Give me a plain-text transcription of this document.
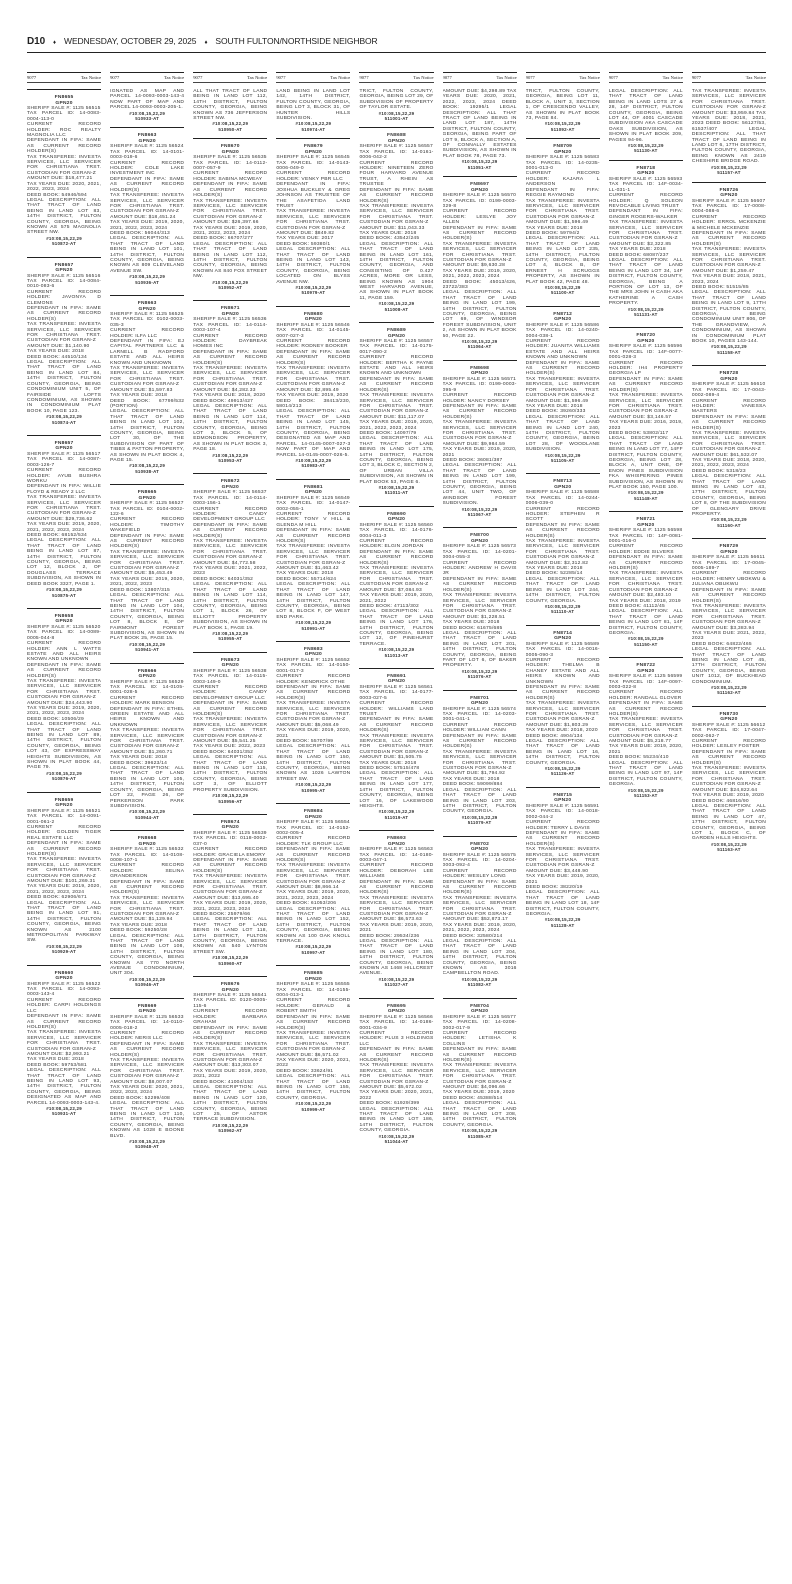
D10 ♦ WEDNESDAY, OCTOBER 29, 2025 ♦ SOUTH FULTON/NORTHSIDE NEIGHBOR
9077	Tax Notice
FN8655
GPN20

SHERIFF SALE #: 1125 56515

TAX PARCEL ID: 14-0083-0004-113-0

CURRENT RECORD HOLDER: ROC REALTY MAGNOLIA LLC

DEFENDANT IN FIFA: SAME AS CURRENT RECORD HOLDER(S)

TAX TRANSFEREE: INVESTA SERVICES, LLC SERVICER FOR CHRISTIANA TRST. CUSTODIAN FOR GSRAN-Z

AMOUNT DUE: $18,477.21

TAX YEARS DUE: 2020, 2021, 2022, 2023, 2024

DEED BOOK: 54946/594

LEGAL DESCRIPTION: ALL THAT TRACT OF LAND BEING IN LAND LOT 83, 14TH DISTRICT, FULTON COUNTY, GEORGIA, BEING KNOWN AS 575 MAGNOLIA STREET NW.

#10:08,15,22,29
510872-AT
FN8657
GPN20

SHERIFF SALE #: 1125 56516

TAX PARCEL ID: 14-0084-0010-083-6

CURRENT RECORD HOLDER: JAVONYA D CLEMONS

DEFENDANT IN FIFA: SAME AS CURRENT RECORD HOLDER(S)

TAX TRANSFEREE: INVESTA SERVICES, LLC SERVICER FOR CHRISTIANA TRST. CUSTODIAN FOR GSRAN-Z

AMOUNT DUE: $1,140.90

TAX YEARS DUE: 2018

DEED BOOK: 44510/134

LEGAL DESCRIPTION: ALL THAT TRACT OF LAND BEING IN LAND LOT 84, 14TH DISTRICT, FULTON COUNTY, GEORGIA, BEING CONDOMINIUM UNIT 5, OF FAIRSIDE LOFTS CONDOMINIUM, AS SHOWN IN CONDOMINIUM PLAT BOOK 10, PAGE 123.

#10:08,15,22,29
510874-AT
FN8657
GPN20

SHERIFF SALE #: 1125 56517

TAX PARCEL ID: 14-0087-0003-126-7

CURRENT RECORD HOLDER: AYUB BUSHRA WORKU

DEFENDANT IN FIFA: WILLIE FLOYD & READY 2 LLC

TAX TRANSFEREE: INVESTA SERVICES, LLC SERVICER FOR CHRISTIANA TRST. CUSTODIAN FOR GSRAN-Z

AMOUNT DUE: $29,736.62

TAX YEARS DUE: 2019, 2020, 2021, 2022, 2023, 2024

DEED BOOK: 68152/534

LEGAL DESCRIPTION: ALL THAT TRACT OF LAND BEING IN LAND LOT 87, 14TH DISTRICT, FULTON COUNTY, GEORGIA, BEING LOT 12, BLOCK 2, OF DOUGLASS TERRACE SUBDIVISION, AS SHOWN IN DEED BOOK 3327, PAGE 1.

#10:08,15,22,29
510875-AT
FN8658
GPN20

SHERIFF SALE #: 1125 56520

TAX PARCEL ID: 14-0089-0005-044-8

CURRENT RECORD HOLDER: ANN L WATTS ESTATE AND ALL HEIRS KNOWN AND UNKNOWN

DEFENDANT IN FIFA: SAME AS CURRENT RECORD HOLDER(S)

TAX TRANSFEREE: INVESTA SERVICES, LLC SERVICER FOR CHRISTIANA TRST. CUSTODIAN FOR GSRAN-Z

AMOUNT DUE: $24,443.90

TAX YEARS DUE: 2019, 2020, 2021, 2022, 2023, 2024

DEED BOOK: 10506/29

LEGAL DESCRIPTION: ALL THAT TRACT OF LAND BEING IN LAND LOT 89, 14TH DISTRICT, FULTON COUNTY, GEORGIA, BEING LOT 43, OF EXPRESSWAY HEIGHTS SUBDIVISION, AS SHOWN IN PLAT BOOK 44, PAGE 79.

#10:08,15,22,29
510876-AT
FN8659
GPN20

SHERIFF SALE #: 1125 56521

TAX PARCEL ID: 14-0091-0001-061-2

CURRENT RECORD HOLDER: GOLDEN TIGER REAL ESTATE LLC

DEFENDANT IN FIFA: SAME AS CURRENT RECORD HOLDER(S)

TAX TRANSFEREE: INVESTA SERVICES, LLC SERVICER FOR CHRISTIANA TRST. CUSTODIAN FOR GSRAN-Z

AMOUNT DUE: $101,269.31

TAX YEARS DUE: 2019, 2020, 2021, 2022, 2023, 2024

DEED BOOK: 62906/671

LEGAL DESCRIPTION: ALL THAT TRACT OF LAND BEING IN LAND LOT 91, 14TH DISTRICT, FULTON COUNTY, GEORGIA, BEING KNOWN AS 2100 METROPOLITAN PARKWAY SW.

#10:08,15,22,29
510929-AT
FN8660
GPN20

SHERIFF SALE #: 1125 56522

TAX PARCEL ID: 14-0093-0003-143-4

CURRENT RECORD HOLDER: CARPI HOLDINGS LLC

DEFENDANT IN FIFA: SAME AS CURRENT RECORD HOLDER(S)

TAX TRANSFEREE: INVESTA SERVICES, LLC SERVICER FOR CHRISTIANA TRST. CUSTODIAN FOR GSRAN-Z

AMOUNT DUE: $2,993.21

TAX YEARS DUE: 2018

DEED BOOK: 59753/581

LEGAL DESCRIPTION: ALL THAT TRACT OF LAND BEING IN LAND LOT 93, 14TH DISTRICT, FULTON COUNTY, GEORGIA, BEING DESIGNATED AS MAP AND PARCEL 14-0093-0003-143-4.

#10:08,15,22,29
510931-AT
9077	Tax Notice

IGNATED AS MAP AND PARCEL 14-0093-0003-143-4 NOW PART OF MAP AND PARCEL 14-0093-0003-205-1.

#10:08,15,22,29
510933-AT
FN8663
GPN20

SHERIFF SALE #: 1125 56524

TAX PARCEL ID: 14-0101-0003-019-6

CURRENT RECORD HOLDER: COLE LAKE INVESTMENT INC

DEFENDANT IN FIFA: SAME AS CURRENT RECORD HOLDER(S)

TAX TRANSFEREE: INVESTA SERVICES, LLC SERVICER FOR CHRISTIANA TRST. CUSTODIAN FOR GSRAN-Z

AMOUNT DUE: $18,451.24

TAX YEARS DUE: 2019, 2020, 2021, 2022, 2023, 2024

DEED BOOK: 56044/313

LEGAL DESCRIPTION: ALL THAT TRACT OF LAND BEING IN LAND LOT 101, 14TH DISTRICT, FULTON COUNTY, GEORGIA, BEING KNOWN AS 809 CLEVELAND AVENUE SW.

#10:08,15,22,29
510936-AT
FN8663
GPN20

SHERIFF SALE #: 1125 56525

TAX PARCEL ID: 0102-0003-035-3

CURRENT RECORD HOLDER: ILFA LLC

DEFENDANT IN FIFA: EJ CAPITAL PARTNERS LLC & LARNELL B RADFORD ESTATE AND ALL HEIRS KNOWN AND UNKNOWN

TAX TRANSFEREE: INVESTA SERVICES, LLC SERVICER FOR CHRISTIANA TRST. CUSTODIAN FOR GSRAN-Z

AMOUNT DUE: $1,597.83

TAX YEARS DUE: 2018

DEED BOOK: 67799/532 (PORTION)

LEGAL DESCRIPTION: ALL THAT TRACT OF LAND BEING IN LAND LOT 102, 14TH DISTRICT, FULTON COUNTY, GEORGIA, BEING LOT 30, OF THE SUBDIVISION OF PART OF TIBBS & PATTON PROPERTY, AS SHOWN IN PLAT BOOK 4, PAGE 15.

#10:08,15,22,29
510938-AT
FN8665
GPN20

SHERIFF SALE #: 1125 56527

TAX PARCEL ID: 0104-0002-122-6

CURRENT RECORD HOLDER: TIMOTHY WAKEFIELD

DEFENDANT IN FIFA: SAME AS CURRENT RECORD HOLDER(S)

TAX TRANSFEREE: INVESTA SERVICES, LLC SERVICER FOR CHRISTIANA TRST. CUSTODIAN FOR GSRAN-Z

AMOUNT DUE: $5,453.49

TAX YEARS DUE: 2019, 2020, 2021, 2022, 2023

DEED BOOK: 13807/315

LEGAL DESCRIPTION: ALL THAT TRACT OF LAND BEING IN LAND LOT 104, 14TH DISTRICT, FULTON COUNTY, GEORGIA, BEING LOT 8, BLOCK E, OF FAIRMONT FOREST SUBDIVISION, AS SHOWN IN PLAT BOOK 25, PAGE 15.

#10:08,15,22,29
510941-AT
FN8666
GPN20

SHERIFF SALE #: 1125 56529

TAX PARCEL ID: 14-0105-0001-028-5

CURRENT RECORD HOLDER: MARK BENSON

DEFENDANT IN FIFA: ETHEL GREEN ESTATE AND ALL HEIRS KNOWN AND UNKNOWN

TAX TRANSFEREE: INVESTA SERVICES, LLC SERVICER FOR CHRISTIANA TRST. CUSTODIAN FOR GSRAN-Z

AMOUNT DUE: $1,260.71

TAX YEARS DUE: 2018

DEED BOOK: 39623/14

LEGAL DESCRIPTION: ALL THAT TRACT OF LAND BEING IN LAND LOT 105, 14TH DISTRICT, FULTON COUNTY, GEORGIA, BEING LOT 22, PAGE 26, OF PERKERSON PARK SUBDIVISION.

#10:08,15,22,29
510944-AT
FN8668
GPN20

SHERIFF SALE #: 1125 56532

TAX PARCEL ID: 14-0108-0008-107-1

CURRENT RECORD HOLDER: SELINA GRANDERSON

DEFENDANT IN FIFA: SAME AS CURRENT RECORD HOLDER(S)

TAX TRANSFEREE: INVESTA SERVICES, LLC SERVICER FOR CHRISTIANA TRST. CUSTODIAN FOR GSRAN-Z

AMOUNT DUE: $1,129.94

TAX YEARS DUE: 2018

DEED BOOK: 59250/28

LEGAL DESCRIPTION: ALL THAT TRACT OF LAND BEING IN LAND LOT 108, 14TH DISTRICT, FULTON COUNTY, GEORGIA, BEING KNOWN AS 770 NORTH AVENUE CONDOMINIUM, UNIT 304.

#10:08,15,22,29
510946-AT
FN8669
GPN20

SHERIFF SALE #: 1125 56533

TAX PARCEL ID: 14-0110-0005-018-2

CURRENT RECORD HOLDER: NERIS LLC

DEFENDANT IN FIFA: SAME AS CURRENT RECORD HOLDER(S)

TAX TRANSFEREE: INVESTA SERVICES, LLC SERVICER FOR CHRISTIANA TRST. CUSTODIAN FOR GSRAN-Z

AMOUNT DUE: $8,007.07

TAX YEARS DUE: 2020, 2021, 2022, 2023, 2024

DEED BOOK: 52299/408

LEGAL DESCRIPTION: ALL THAT TRACT OF LAND BEING IN LAND LOT 110, 14TH DISTRICT, FULTON COUNTY, GEORGIA, BEING KNOWN AS 1028 E BOONE BLVD.

#10:08,15,22,29
510948-AT
9077	Tax Notice

ALL THAT TRACT OF LAND BEING IN LAND LOT 112, 14TH DISTRICT, FULTON COUNTY, GEORGIA, BEING KNOWN AS 736 JEFFERSON STREET NW.

#10:08,15,22,29
510950-AT
FN8670
GPN20

SHERIFF SALE #: 1125 56535

TAX PARCEL ID: 14-0112-0007-057-9

CURRENT RECORD HOLDER: SABINA MCWEAY

DEFENDANT IN FIFA: SAME AS CURRENT RECORD HOLDER(S)

TAX TRANSFEREE: INVESTA SERVICES, LLC SERVICER FOR CHRISTIANA TRST. CUSTODIAN FOR GSRAN-Z

AMOUNT DUE: $26,397.66

TAX YEARS DUE: 2019, 2020, 2021, 2022, 2023, 2024

DEED BOOK: 66707/277

LEGAL DESCRIPTION: ALL THAT TRACT OF LAND BEING IN LAND LOT 112, 14TH DISTRICT, FULTON COUNTY, GEORGIA, BEING KNOWN AS 840 FOX STREET NW.

#10:08,15,22,29
510952-AT
FN8671
GPN20

SHERIFF SALE #: 1125 56536

TAX PARCEL ID: 14-0114-0003-107-4

CURRENT RECORD HOLDER: DAYBREAK HOMES INC

DEFENDANT IN FIFA: SAME AS CURRENT RECORD HOLDER(S)

TAX TRANSFEREE: INVESTA SERVICES, LLC SERVICER FOR CHRISTIANA TRST. CUSTODIAN FOR GSRAN-Z

AMOUNT DUE: $4,282.33

TAX YEARS DUE: 2018, 2020

DEED BOOK: 49913/427

LEGAL DESCRIPTION: ALL THAT TRACT OF LAND BEING IN LAND LOT 114, 14TH DISTRICT, FULTON COUNTY, GEORGIA, BEING LOT 3, BLOCK 5, OF EDMONDSON PROPERTY, AS SHOWN IN PLAT BOOK 3, PAGE 18.

#10:08,15,22,29
510953-AT
FN8672
GPN20

SHERIFF SALE #: 1125 56537

TAX PARCEL ID: 14-0114-0003-156-1

CURRENT RECORD HOLDER: CANDY DEVELOPMENT GROUP LLC

DEFENDANT IN FIFA: SAME AS CURRENT RECORD HOLDER(S)

TAX TRANSFEREE: INVESTA SERVICES, LLC SERVICER FOR CHRISTIANA TRST. CUSTODIAN FOR GSRAN-Z

AMOUNT DUE: $4,772.58

TAX YEARS DUE: 2021, 2022, 2023

DEED BOOK: 64031/352

LEGAL DESCRIPTION: ALL THAT TRACT OF LAND BEING IN LAND LOT 114, 14TH DISTRICT, FULTON COUNTY, GEORGIA, BEING LOT 1, BLOCK 26, OF ELLIOTT PROPERTY SUBDIVISION, AS SHOWN IN PLAT BOOK 1, PAGE 19.

#10:08,15,22,29
510955-AT
FN8673
GPN20

SHERIFF SALE #: 1125 56538

TAX PARCEL ID: 14-0115-0003-149-0

CURRENT RECORD HOLDER: CANDY DEVELOPMENT GROUP LLC

DEFENDANT IN FIFA: SAME AS CURRENT RECORD HOLDER(S)

TAX TRANSFEREE: INVESTA SERVICES, LLC SERVICER FOR CHRISTIANA TRST. CUSTODIAN FOR GSRAN-Z

AMOUNT DUE: $5,541.25

TAX YEARS DUE: 2022, 2023

DEED BOOK: 64031/352

LEGAL DESCRIPTION: ALL THAT TRACT OF LAND BEING IN LAND LOT 115, 14TH DISTRICT, FULTON COUNTY, GEORGIA, BEING LOT 3, OF ELLIOTT PROPERTY SUBDIVISION.

#10:08,15,22,29
510956-AT
FN8674
GPN20

SHERIFF SALE #: 1125 56539

TAX PARCEL ID: 0118-0002-037-0

CURRENT RECORD HOLDER: GRACIELA EMORY

DEFENDANT IN FIFA: SAME AS CURRENT RECORD HOLDER(S)

TAX TRANSFEREE: INVESTA SERVICES, LLC SERVICER FOR CHRISTIANA TRST. CUSTODIAN FOR GSRAN-Z

AMOUNT DUE: $13,695.40

TAX YEARS DUE: 2019, 2020, 2021, 2022, 2023, 2024

DEED BOOK: 25979/66

LEGAL DESCRIPTION: ALL THAT TRACT OF LAND BEING IN LAND LOT 118, 14TH DISTRICT, FULTON COUNTY, GEORGIA, BEING KNOWN AS 540 LYNTON STREET SW.

#10:08,15,22,29
510960-AT
FN8676
GPN20

SHERIFF SALE #: 1125 56541

TAX PARCEL ID: 0120-0005-115-6

CURRENT RECORD HOLDER: BARBARA GRAHAM

DEFENDANT IN FIFA: SAME AS CURRENT RECORD HOLDER(S)

TAX TRANSFEREE: INVESTA SERVICES, LLC SERVICER FOR CHRISTIANA TRST. CUSTODIAN FOR GSRAN-Z

AMOUNT DUE: $13,303.07

TAX YEARS DUE: 2019, 2020, 2021, 2022

DEED BOOK: 41004/153

LEGAL DESCRIPTION: ALL THAT TRACT OF LAND BEING IN LAND LOT 120, 14TH DISTRICT, FULTON COUNTY, GEORGIA, BEING LOT 25, OF ASTOR TERRACE SUBDIVISION.

#10:08,15,22,29
510962-AT
9077	Tax Notice

LAND BEING IN LAND LOT 142, 14TH DISTRICT, FULTON COUNTY, GEORGIA, BEING LOT 3, BLOCK 31, OF HUNTER HILLS SUBDIVISION.

#10:08,15,22,29
510974-AT
FN8679
GPN20

SHERIFF SALE #: 1125 56545

TAX PARCEL ID: 14-0143-0006-049-0

CURRENT RECORD HOLDER: VENKY PBR LLC

DEFENDANT IN FIFA: JOSHUA BUCKLEY & GREG JOHNSON AS TRUSTEE OF THE ASAFETIDA LAND TRUST

TAX TRANSFEREE: INVESTA SERVICES, LLC SERVICER FOR CHRISTIANA TRST. CUSTODIAN FOR GSRAN-Z

AMOUNT DUE: $849.82

TAX YEARS DUE: 2017

DEED BOOK: 59380/1

LEGAL DESCRIPTION: ALL THAT TRACT OF LAND BEING IN LAND LOT 143, 14TH DISTRICT, FULTON COUNTY, GEORGIA, BEING LOCATED ON BLYSS AVENUE NW.

#10:08,15,22,29
510979-AT
FN8680
GPN20

SHERIFF SALE #: 1125 56546

TAX PARCEL ID: 14-0145-0007-027-3

CURRENT RECORD HOLDER: RODNEY BOOKER

DEFENDANT IN FIFA: SAME AS CURRENT RECORD HOLDER(S)

TAX TRANSFEREE: INVESTA SERVICES, LLC SERVICER FOR CHRISTIANA TRST. CUSTODIAN FOR GSRAN-Z

AMOUNT DUE: $2,895.49

TAX YEARS DUE: 2019, 2020

DEED BOOK: 38413/230, 58014/213

LEGAL DESCRIPTION: ALL THAT TRACT OF LAND BEING IN LAND LOT 145, 14TH DISTRICT, FULTON COUNTY, GEORGIA, BEING DESIGNATED AS MAP AND PARCEL 14-0145-0007-027-3 NOW PART OF MAP AND PARCEL 14-0145-0007-026-5.

#10:08,15,22,29
510983-AT
FN8681
GPN20

SHERIFF SALE #: 1125 56549

TAX PARCEL ID: 14-0147-0002-055-1

CURRENT RECORD HOLDER: TONY V HILL & GLENDA M HILL

DEFENDANT IN FIFA: SAME AS CURRENT RECORD HOLDER(S)

TAX TRANSFEREE: INVESTA SERVICES, LLC SERVICER FOR CHRISTIANA TRST. CUSTODIAN FOR GSRAN-Z

AMOUNT DUE: $1,463.42

TAX YEARS DUE: 2018

DEED BOOK: 55714/624

LEGAL DESCRIPTION: ALL THAT TRACT OF LAND BEING IN LAND LOT 147, 14TH DISTRICT, FULTON COUNTY, GEORGIA, BEING LOT 8, BLOCK F, OF WEST END PARK.

#10:08,15,22,29
510991-AT
FN8683
GPN20

SHERIFF SALE #: 1125 56552

TAX PARCEL ID: 14-0150-0001-017-3

CURRENT RECORD HOLDER: KENDRICK OTHE

DEFENDANT IN FIFA: SAME AS CURRENT RECORD HOLDER(S)

TAX TRANSFEREE: INVESTA SERVICES, LLC SERVICER FOR CHRISTIANA TRST. CUSTODIAN FOR GSRAN-Z

AMOUNT DUE: $5,068.49

TAX YEARS DUE: 2019, 2020, 2021

DEED BOOK: 55707/99

LEGAL DESCRIPTION: ALL THAT TRACT OF LAND BEING IN LAND LOT 150, 14TH DISTRICT, FULTON COUNTY, GEORGIA, BEING KNOWN AS 1026 LAWTON STREET SW.

#10:08,15,22,29
510995-AT
FN8684
GPN20

SHERIFF SALE #: 1125 56554

TAX PARCEL ID: 14-0152-0002-005-4

CURRENT RECORD HOLDER: TLK GROUP LLC

DEFENDANT IN FIFA: SAME AS CURRENT RECORD HOLDER(S)

TAX TRANSFEREE: INVESTA SERVICES, LLC SERVICER FOR CHRISTIANA TRST. CUSTODIAN FOR GSRAN-Z

AMOUNT DUE: $8,866.14

TAX YEARS DUE: 2019, 2020, 2021, 2022, 2023, 2024

DEED BOOK: 61053/206

LEGAL DESCRIPTION: ALL THAT TRACT OF LAND BEING IN LAND LOT 152, 14TH DISTRICT, FULTON COUNTY, GEORGIA, BEING KNOWN AS 100 OAK KNOLL TERRACE.

#10:08,15,22,29
510997-AT
FN8685
GPN20

SHERIFF SALE #: 1125 56555

TAX PARCEL ID: 14-0155-0004-013-1

CURRENT RECORD HOLDER: GERALD & ROBERT SMITH

DEFENDANT IN FIFA: SAME AS CURRENT RECORD HOLDER(S)

TAX TRANSFEREE: INVESTA SERVICES, LLC SERVICER FOR CHRISTIANA TRST. CUSTODIAN FOR GSRAN-Z

AMOUNT DUE: $6,571.02

TAX YEARS DUE: 2020, 2021, 2022

DEED BOOK: 33624/91

LEGAL DESCRIPTION: ALL THAT TRACT OF LAND BEING IN LAND LOT 155, 14TH DISTRICT, FULTON COUNTY, GEORGIA.

#10:08,15,22,29
510999-AT
9077	Tax Notice

TRICT, FULTON COUNTY, GEORGIA, BEING LOT 29, OF SUBDIVISION OF PROPERTY OF TAYLOR ESTATE.

#10:08,15,22,29
511001-AT
FN8688
GPN20

SHERIFF SALE #: 1125 56557

TAX PARCEL ID: 14-0161-0006-042-2

CURRENT RECORD HOLDER: NINETEEN ZERO FOUR HARVARD AVENUE TRUST, A RHEIN AS TRUSTEE

DEFENDANT IN FIFA: SAME AS CURRENT RECORD HOLDER(S)

TAX TRANSFEREE: INVESTA SERVICES, LLC SERVICER FOR CHRISTIANA TRST. CUSTODIAN FOR GSRAN-Z

AMOUNT DUE: $11,043.33

TAX YEARS DUE: 2018

DEED BOOK: 43542/245

LEGAL DESCRIPTION: ALL THAT TRACT OF LAND BEING IN LAND LOT 161, 14TH DISTRICT, FULTON COUNTY, GEORGIA, AND CONSISTING OF 0.427 ACRES, MORE OR LESS, BEING KNOWN AS 1904 WEST HARVARD AVENUE, AS SHOWN IN PLAT BOOK 11, PAGE 159.

#10:08,15,22,29
511008-AT
FN8689
GPN20

SHERIFF SALE #: 1125 56557

TAX PARCEL ID: 14-0175-0017-090-2

CURRENT RECORD HOLDER: BERTHA K PAYNE ESTATE AND ALL HEIRS KNOWN AND UNKNOWN

DEFENDANT IN FIFA: SAME AS CURRENT RECORD HOLDER(S)

TAX TRANSFEREE: INVESTA SERVICES, LLC SERVICER FOR CHRISTIANA TRST. CUSTODIAN FOR GSRAN-Z

AMOUNT DUE: $11,117.07

TAX YEARS DUE: 2019, 2020, 2021, 2022, 2023, 2024

DEED BOOK: 14097/79

LEGAL DESCRIPTION: ALL THAT TRACT OF LAND BEING IN LAND LOT 175, 14TH DISTRICT, FULTON COUNTY, GEORGIA, BEING LOT 3, BLOCK C, SECTION 2, OF URBAN VILLA SUBDIVISION, AS SHOWN IN PLAT BOOK 53, PAGE 6.

#10:08,15,22,29
511011-AT
FN8690
GPN20

SHERIFF SALE #: 1125 56560

TAX PARCEL ID: 14-0176-0004-011-3

CURRENT RECORD HOLDER: ELGIN JORDAN

DEFENDANT IN FIFA: SAME AS CURRENT RECORD HOLDER(S)

TAX TRANSFEREE: INVESTA SERVICES, LLC SERVICER FOR CHRISTIANA TRST. CUSTODIAN FOR GSRAN-Z

AMOUNT DUE: $7,084.93

TAX YEARS DUE: 2019, 2020, 2021, 2022

DEED BOOK: 47113/302

LEGAL DESCRIPTION: ALL THAT TRACT OF LAND BEING IN LAND LOT 176, 14TH DISTRICT, FULTON COUNTY, GEORGIA, BEING LOT 12, OF PINEHURST TERRACE.

#10:08,15,22,29
511013-AT
FN8691
GPN20

SHERIFF SALE #: 1125 56561

TAX PARCEL ID: 14-0177-0003-027-5

CURRENT RECORD HOLDER: WILLIAMS LAND TRUST

DEFENDANT IN FIFA: SAME AS CURRENT RECORD HOLDER(S)

TAX TRANSFEREE: INVESTA SERVICES, LLC SERVICER FOR CHRISTIANA TRST. CUSTODIAN FOR GSRAN-Z

AMOUNT DUE: $1,505.75

TAX YEARS DUE: 2018

DEED BOOK: 57515/478

LEGAL DESCRIPTION: ALL THAT TRACT OF LAND BEING IN LAND LOT 177, 14TH DISTRICT, FULTON COUNTY, GEORGIA, BEING LOT 16, OF LAKEWOOD HEIGHTS.

#10:08,15,22,29
511019-AT
FN8693
GPN20

SHERIFF SALE #: 1125 56563

TAX PARCEL ID: 14-0180-0003-047-1

CURRENT RECORD HOLDER: DEBORAH LEE WILLIAMS

DEFENDANT IN FIFA: SAME AS CURRENT RECORD HOLDER(S)

TAX TRANSFEREE: INVESTA SERVICES, LLC SERVICER FOR CHRISTIANA TRST. CUSTODIAN FOR GSRAN-Z

AMOUNT DUE: $6,573.63

TAX YEARS DUE: 2019, 2020, 2021

DEED BOOK: 29534/236

LEGAL DESCRIPTION: ALL THAT TRACT OF LAND BEING IN LAND LOT 180, 14TH DISTRICT, FULTON COUNTY, GEORGIA, BEING KNOWN AS 1468 HILLCREST AVENUE.

#10:08,15,22,29
511027-AT
FN8695
GPN20

SHERIFF SALE #: 1125 56566

TAX PARCEL ID: 14-0186-0001-034-9

CURRENT RECORD HOLDER: PLUS 3 HOLDINGS LLC

DEFENDANT IN FIFA: SAME AS CURRENT RECORD HOLDER(S)

TAX TRANSFEREE: INVESTA SERVICES, LLC SERVICER FOR CHRISTIANA TRST. CUSTODIAN FOR GSRAN-Z

AMOUNT DUE: $5,672.02

TAX YEARS DUE: 2020, 2021, 2022

DEED BOOK: 61929/399

LEGAL DESCRIPTION: ALL THAT TRACT OF LAND BEING IN LAND LOT 186, 14TH DISTRICT, FULTON COUNTY, GEORGIA.

#10:08,15,22,29
511044-AT
9077	Tax Notice

AMOUNT DUE: $4,298.89 TAX YEARS DUE: 2020, 2021, 2022, 2023, 2024 DEED BOOK: 19295/1 LEGAL DESCRIPTION: ALL THAT TRACT OF LAND BEING IN LAND LOT 187, 14TH DISTRICT, FULTON COUNTY, GEORGIA, BEING PART OF LOT 9, BLOCK A, SECTION A, OF CONNALLY ESTATES SUBDIVISION, AS SHOWN IN PLAT BOOK 78, PAGE 73.

#10:08,15,22,29
511051-AT
FN8697
GPN20

SHERIFF SALE #: 1125 56570

TAX PARCEL ID: 0199-0003-029-8

CURRENT RECORD HOLDER: LESLYE JOY ALLEN

DEFENDANT IN FIFA: SAME AS CURRENT RECORD HOLDER(S)

TAX TRANSFEREE: INVESTA SERVICES, LLC SERVICER FOR CHRISTIANA TRST. CUSTODIAN FOR GSRAN-Z

AMOUNT DUE: $9,630.28

TAX YEARS DUE: 2019, 2020, 2021, 2022, 2023, 2024

DEED BOOK: 45013/426, 23722/383

LEGAL DESCRIPTION: ALL THAT TRACT OF LAND BEING IN LAND LOT 199, 14TH DISTRICT, FULTON COUNTY, GEORGIA, BEING LOT 69, OF WINDSOR FOREST SUBDIVISION, UNIT 2, AS SHOWN IN PLAT BOOK 50, PAGE 22.

#10:08,15,22,29
511064-AT
FN8698
GPN20

SHERIFF SALE #: 1125 56571

TAX PARCEL ID: 0199-0003-095-9

CURRENT RECORD HOLDER: NANCY DORSEY

DEFENDANT IN FIFA: SAME AS CURRENT RECORD HOLDER(S)

TAX TRANSFEREE: INVESTA SERVICES, LLC SERVICER FOR CHRISTIANA TRST. CUSTODIAN FOR GSRAN-Z

AMOUNT DUE: $9,984.59

TAX YEARS DUE: 2019, 2020, 2021

DEED BOOK: 36081/387

LEGAL DESCRIPTION: ALL THAT TRACT OF LAND BEING IN LAND LOT 199, 14TH DISTRICT, FULTON COUNTY, GEORGIA, BEING LOT 44, UNIT TWO, OF WINDSOR FOREST SUBDIVISION.

#10:08,15,22,29
511067-AT
FN8700
GPN20

SHERIFF SALE #: 1125 56573

TAX PARCEL ID: 14-0201-0004-055-3

CURRENT RECORD HOLDER: ANDREW H DAVIS JR

DEFENDANT IN FIFA: SAME AS CURRENT RECORD HOLDER(S)

TAX TRANSFEREE: INVESTA SERVICES, LLC SERVICER FOR CHRISTIANA TRST. CUSTODIAN FOR GSRAN-Z

AMOUNT DUE: $1,228.51

TAX YEARS DUE: 2018

DEED BOOK: 61675/685

LEGAL DESCRIPTION: ALL THAT TRACT OF LAND BEING IN LAND LOT 201, 14TH DISTRICT, FULTON COUNTY, GEORGIA, BEING PART OF LOT 6, OF BAKER PROPERTY.

#10:08,15,22,29
511076-AT
FN8701
GPN20

SHERIFF SALE #: 1125 56574

TAX PARCEL ID: 14-0203-0001-041-1

CURRENT RECORD HOLDER: WILLIAM CANN

DEFENDANT IN FIFA: SAME AS CURRENT RECORD HOLDER(S)

TAX TRANSFEREE: INVESTA SERVICES, LLC SERVICER FOR CHRISTIANA TRST. CUSTODIAN FOR GSRAN-Z

AMOUNT DUE: $1,794.92

TAX YEARS DUE: 2018

DEED BOOK: 59099/884

LEGAL DESCRIPTION: ALL THAT TRACT OF LAND BEING IN LAND LOT 203, 14TH DISTRICT, FULTON COUNTY, GEORGIA.

#10:08,15,22,29
511079-AT
FN8702
GPN20

SHERIFF SALE #: 1125 56575

TAX PARCEL ID: 14-0204-0003-092-4

CURRENT RECORD HOLDER: WESLEY LONG

DEFENDANT IN FIFA: SAME AS CURRENT RECORD HOLDER(S)

TAX TRANSFEREE: INVESTA SERVICES, LLC SERVICER FOR CHRISTIANA TRST. CUSTODIAN FOR GSRAN-Z

AMOUNT DUE: $52,873.17

TAX YEARS DUE: 2019, 2020, 2021, 2022, 2023, 2024

DEED BOOK: 32580/214

LEGAL DESCRIPTION: ALL THAT TRACT OF LAND BEING IN LAND LOT 204, 14TH DISTRICT, FULTON COUNTY, GEORGIA, BEING KNOWN AS 3016 CAMPBELLTON ROAD.

#10:08,15,22,29
511082-AT
FN8704
GPN20

SHERIFF SALE #: 1125 56577

TAX PARCEL ID: 14-0208-0002-017-9

CURRENT RECORD HOLDER: LETISHA K COLLINS

DEFENDANT IN FIFA: SAME AS CURRENT RECORD HOLDER(S)

TAX TRANSFEREE: INVESTA SERVICES, LLC SERVICER FOR CHRISTIANA TRST. CUSTODIAN FOR GSRAN-Z

AMOUNT DUE: $4,096.66

TAX YEARS DUE: 2019, 2020

DEED BOOK: 45388/514

LEGAL DESCRIPTION: ALL THAT TRACT OF LAND BEING IN LAND LOT 208, 14TH DISTRICT, FULTON COUNTY, GEORGIA.

#10:08,15,22,29
511085-AT
9077	Tax Notice

TRICT, FULTON COUNTY, GEORGIA, BEING LOT 11, BLOCK A, UNIT 3, SECTION 1, OF CRESCENDO VALLEY, AS SHOWN IN PLAT BOOK 73, PAGE 84.

#10:08,15,22,29
511092-AT
FN8709
GPN20

SHERIFF SALE #: 1125 56583

TAX PARCEL ID: 14-0235-0001-013-0

CURRENT RECORD HOLDER: KAJARA L ANDERSON

DEFENDANT IN FIFA: REGGIE RAYMOND

TAX TRANSFEREE: INVESTA SERVICES, LLC SERVICER FOR CHRISTIANA TRST. CUSTODIAN FOR GSRAN-Z

AMOUNT DUE: $1,596.49

TAX YEARS DUE: 2018

DEED BOOK: 59794/2

LEGAL DESCRIPTION: ALL THAT TRACT OF LAND BEING IN LAND LOT 235, 14TH DISTRICT, FULTON COUNTY, GEORGIA, BEING LOT 4, BLOCK B, OF ERNEST H SCRUGGS PROPERTY, AS SHOWN IN PLAT BOOK 42, PAGE 48.

#10:08,15,22,29
511100-AT
FN8712
GPN20

SHERIFF SALE #: 1125 56586

TAX PARCEL ID: 14-0240-0004-038-1

CURRENT RECORD HOLDER: JUANITA WILLIAMS ESTATE AND ALL HEIRS KNOWN AND UNKNOWN

DEFENDANT IN FIFA: SAME AS CURRENT RECORD HOLDER(S)

TAX TRANSFEREE: INVESTA SERVICES, LLC SERVICER FOR CHRISTIANA TRST. CUSTODIAN FOR GSRAN-Z

AMOUNT DUE: $1,596.49

TAX YEARS DUE: 2018

DEED BOOK: 39260/333

LEGAL DESCRIPTION: ALL THAT TRACT OF LAND BEING IN LAND LOT 240, 14TH DISTRICT, FULTON COUNTY, GEORGIA, BEING LOT 28, OF WOODLANE SUBDIVISION.

#10:08,15,22,29
511105-AT
FN8713
GPN20

SHERIFF SALE #: 1125 56588

TAX PARCEL ID: 14-0244-0006-039-0

CURRENT RECORD HOLDER: STEPHEN R SCOTT

DEFENDANT IN FIFA: SAME AS CURRENT RECORD HOLDER(S)

TAX TRANSFEREE: INVESTA SERVICES, LLC SERVICER FOR CHRISTIANA TRST. CUSTODIAN FOR GSRAN-Z

AMOUNT DUE: $2,312.82

TAX YEARS DUE: 2018

DEED BOOK: 52285/14

LEGAL DESCRIPTION: ALL THAT TRACT OF LAND BEING IN LAND LOT 244, 14TH DISTRICT, FULTON COUNTY, GEORGIA.

#10:08,15,22,29
511110-AT
FN8714
GPN20

SHERIFF SALE #: 1125 56589

TAX PARCEL ID: 14-0016-0005-090-3

CURRENT RECORD HOLDER: THELMA B CHANEY ESTATE AND ALL HEIRS KNOWN AND UNKNOWN

DEFENDANT IN FIFA: SAME AS CURRENT RECORD HOLDER(S)

TAX TRANSFEREE: INVESTA SERVICES, LLC SERVICER FOR CHRISTIANA TRST. CUSTODIAN FOR GSRAN-Z

AMOUNT DUE: $1,803.29

TAX YEARS DUE: 2018, 2020

DEED BOOK: 4904/134

LEGAL DESCRIPTION: ALL THAT TRACT OF LAND BEING IN LAND LOT 16, 14TH DISTRICT, FULTON COUNTY, GEORGIA.

#10:08,15,22,29
511126-AT
FN8715
GPN20

SHERIFF SALE #: 1125 56591

TAX PARCEL ID: 14-0018-0002-044-2

CURRENT RECORD HOLDER: TERRY L DAVIS

DEFENDANT IN FIFA: SAME AS CURRENT RECORD HOLDER(S)

TAX TRANSFEREE: INVESTA SERVICES, LLC SERVICER FOR CHRISTIANA TRST. CUSTODIAN FOR GSRAN-Z

AMOUNT DUE: $3,448.90

TAX YEARS DUE: 2019, 2020, 2021

DEED BOOK: 38220/19

LEGAL DESCRIPTION: ALL THAT TRACT OF LAND BEING IN LAND LOT 18, 14F DISTRICT, FULTON COUNTY, GEORGIA.

#10:08,15,22,29
511128-AT
9077	Tax Notice

LEGAL DESCRIPTION: ALL THAT TRACT OF LAND BEING IN LAND LOTS 27 & 28, 14F DISTRICT, FULTON COUNTY, GEORGIA, BEING LOT 44, OF 4001 CASCADE SUBDIVISION AKA CASCADE OAKS SUBDIVISION, AS SHOWN IN PLAT BOOK 209, PAGES 94-96.

#10:08,15,22,29
511130-AT
FN8718
GPN20

SHERIFF SALE #: 1125 56593

TAX PARCEL ID: 14F-0034-LL-031-1

CURRENT RECORD HOLDER: Q SOLEON REVOCABLE LIVING TRUST

DEFENDANT IN FIFA: GINGER ROGERS-WALKER

TAX TRANSFEREE: INVESTA SERVICES, LLC SERVICER FOR CHRISTIANA TRST. CUSTODIAN FOR GSRAN-Z

AMOUNT DUE: $2,322.85

TAX YEARS DUE: 2018

DEED BOOK: 68087/237

LEGAL DESCRIPTION: ALL THAT TRACT OF LAND BEING IN LAND LOT 34, 14F DISTRICT, FULTON COUNTY, GEORGIA, BEING A PORTION OF LOT 13, OF THE MRS JOHN H CASH AKA KATHERINE A CASH PROPERTY.

#10:08,15,22,29
511131-AT
FN8720
GPN20

SHERIFF SALE #: 1125 56596

TAX PARCEL ID: 14F-0077-0001-028-3

CURRENT RECORD HOLDER: IH4 PROPERTY GEORGIA LP

DEFENDANT IN FIFA: SAME AS CURRENT RECORD HOLDER(S)

TAX TRANSFEREE: INVESTA SERVICES, LLC SERVICER FOR CHRISTIANA TRST. CUSTODIAN FOR GSRAN-Z

AMOUNT DUE: $3,146.57

TAX YEARS DUE: 2016, 2019, 2023

DEED BOOK: 53802/117

LEGAL DESCRIPTION: ALL THAT TRACT OF LAND BEING IN LAND LOT 77, 14FF DISTRICT, FULTON COUNTY, GEORGIA, BEING LOT 28, BLOCK A, UNIT ONE, OF ENON PINES SUBDIVISION FKA WHISPERING PINES SUBDIVISION, AS SHOWN IN PLAT BOOK 150, PAGE 100.

#10:08,15,22,29
511148-AT
FN8721
GPN20

SHERIFF SALE #: 1125 56598

TAX PARCEL ID: 14F-0081-0001-016-0

CURRENT RECORD HOLDER: EDDIE SILVERS

DEFENDANT IN FIFA: SAME AS CURRENT RECORD HOLDER(S)

TAX TRANSFEREE: INVESTA SERVICES, LLC SERVICER FOR CHRISTIANA TRST. CUSTODIAN FOR GSRAN-Z

AMOUNT DUE: $2,483.10

TAX YEARS DUE: 2018, 2019

DEED BOOK: 41112/45

LEGAL DESCRIPTION: ALL THAT TRACT OF LAND BEING IN LAND LOT 81, 14F DISTRICT, FULTON COUNTY, GEORGIA.

#10:08,15,22,29
511150-AT
FN8722
GPN20

SHERIFF SALE #: 1125 56599

TAX PARCEL ID: 14F-0097-0003-022-8

CURRENT RECORD HOLDER: RANDALL GLOVER

DEFENDANT IN FIFA: SAME AS CURRENT RECORD HOLDER(S)

TAX TRANSFEREE: INVESTA SERVICES, LLC SERVICER FOR CHRISTIANA TRST. CUSTODIAN FOR GSRAN-Z

AMOUNT DUE: $5,218.77

TAX YEARS DUE: 2019, 2020, 2021

DEED BOOK: 55234/410

LEGAL DESCRIPTION: ALL THAT TRACT OF LAND BEING IN LAND LOT 97, 14F DISTRICT, FULTON COUNTY, GEORGIA.

#10:08,15,22,29
511153-AT
9077	Tax Notice

TAX TRANSFEREE: INVESTA SERVICES, LLC SERVICER FOR CHRISTIANA TRST. CUSTODIAN FOR GSRAN-Z AMOUNT DUE: $3,959.84 TAX YEARS DUE: 2018, 2021, 2023 DEED BOOK: 56127/53, 61537/407 LEGAL DESCRIPTION: ALL THAT TRACT OF LAND BEING IN LAND LOT 6, 17TH DISTRICT, FULTON COUNTY, GEORGIA, BEING KNOWN AS 2419 CHESHIRE BRIDGE ROAD.

#10:08,15,22,29
511157-AT
FN8726
GPN20

SHERIFF SALE #: 1125 56607

TAX PARCEL ID: 17-0008-0004-088-6

CURRENT RECORD HOLDER: ERROL MCKENZIE & MICHELE MCKENZIE

DEFENDANT IN FIFA: SAME AS CURRENT RECORD HOLDER(S)

TAX TRANSFEREE: INVESTA SERVICES, LLC SERVICER FOR CHRISTIANA TRST. CUSTODIAN FOR GSRAN-Z

AMOUNT DUE: $1,259.47

TAX YEARS DUE: 2018, 2021, 2023, 2024

DEED BOOK: 51515/85

LEGAL DESCRIPTION: ALL THAT TRACT OF LAND BEING IN LAND LOT 9, 17TH DISTRICT, FULTON COUNTY, GEORGIA, BEING CONDOMINIUM UNIT 806, OF THE GRANDVIEW, A CONDOMINIUM, AS SHOWN IN CONDOMINIUM PLAT BOOK 10, PAGES 143-144.

#10:08,15,22,29
511158-AT
FN8728
GPN20

SHERIFF SALE #: 1125 56610

TAX PARCEL ID: 17-0043-0002-089-4

CURRENT RECORD HOLDER: VANESSA MASTERS

DEFENDANT IN FIFA: SAME AS CURRENT RECORD HOLDER(S)

TAX TRANSFEREE: INVESTA SERVICES, LLC SERVICER FOR CHRISTIANA TRST. CUSTODIAN FOR GSRAN-Z

AMOUNT DUE: $61,532.07

TAX YEARS DUE: 2018, 2020, 2021, 2022, 2023, 2024

DEED BOOK: 5318/23

LEGAL DESCRIPTION: ALL THAT TRACT OF LAND BEING IN LAND LOT 43, 17TH DISTRICT, FULTON COUNTY, GEORGIA, BEING LOT 8, OF THE SUBDIVISION OF GLENGARY DRIVE PROPERTY.

#10:08,15,22,29
511160-AT
FN8729
GPN20

SHERIFF SALE #: 1125 56611

TAX PARCEL ID: 17-0045-0005-189-7

CURRENT RECORD HOLDER: HENRY UBOKWU & JULIANA OBUKWU

DEFENDANT IN FIFA: SAME AS CURRENT RECORD HOLDER(S)

TAX TRANSFEREE: INVESTA SERVICES, LLC SERVICER FOR CHRISTIANA TRST. CUSTODIAN FOR GSRAN-Z

AMOUNT DUE: $3,383.94

TAX YEARS DUE: 2021, 2022, 2023

DEED BOOK: 64822/465

LEGAL DESCRIPTION: ALL THAT TRACT OF LAND BEING IN LAND LOT 45, 17TH DISTRICT, FULTON COUNTY, GEORGIA, BEING UNIT 1012, OF BUCKHEAD CONDOMINIUM.

#10:08,15,22,29
511162-AT
FN8730
GPN20

SHERIFF SALE #: 1125 56612

TAX PARCEL ID: 17-0047-0002-062-7

CURRENT RECORD HOLDER: LESLEY FOSTER

DEFENDANT IN FIFA: SAME AS CURRENT RECORD HOLDER(S)

TAX TRANSFEREE: INVESTA SERVICES, LLC SERVICER FOR CHRISTIANA TRST. CUSTODIAN FOR GSRAN-Z

AMOUNT DUE: $24,822.64

TAX YEARS DUE: 2019, 2020

DEED BOOK: 46816/90

LEGAL DESCRIPTION: ALL THAT TRACT OF LAND BEING IN LAND LOT 47, 17TH DISTRICT, FULTON COUNTY, GEORGIA, BEING LOT 1, BLOCK C, OF GARDEN HILLS HEIGHTS.

#10:08,15,22,29
511163-AT
